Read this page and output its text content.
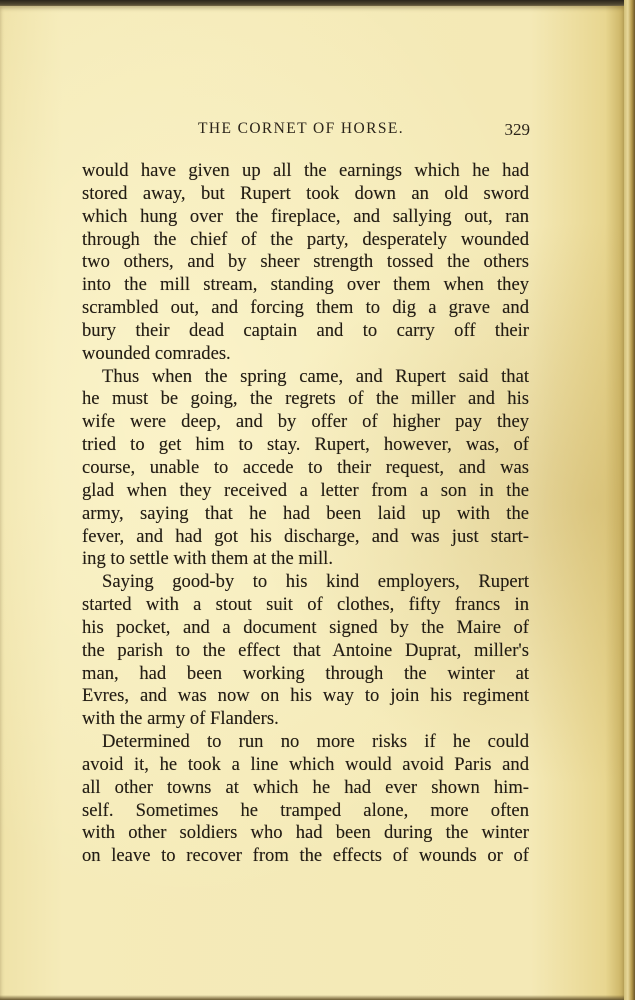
THE CORNET OF HORSE.	329
would have given up all the earnings which he had
stored away, but Rupert took down an old sword
which hung over the fireplace, and sallying out, ran
through the chief of the party, desperately wounded
two others, and by sheer strength tossed the others
into the mill stream, standing over them when they
scrambled out, and forcing them to dig a grave and
bury their dead captain and to carry off their
wounded comrades.
Thus when the spring came, and Rupert said that
he must be going, the regrets of the miller and his
wife were deep, and by offer of higher pay they
tried to get him to stay. Rupert, however, was, of
course, unable to accede to their request, and was
glad when they received a letter from a son in the
army, saying that he had been laid up with the
fever, and had got his discharge, and was just start-
ing to settle with them at the mill.
Saying good-by to his kind employers, Rupert
started with a stout suit of clothes, fifty francs in
his pocket, and a document signed by the Maire of
the parish to the effect that Antoine Duprat, miller's
man, had been working through the winter at
Evres, and was now on his way to join his regiment
with the army of Flanders.
Determined to run no more risks if he could
avoid it, he took a line which would avoid Paris and
all other towns at which he had ever shown him-
self. Sometimes he tramped alone, more often
with other soldiers who had been during the winter
on leave to recover from the effects of wounds or of
